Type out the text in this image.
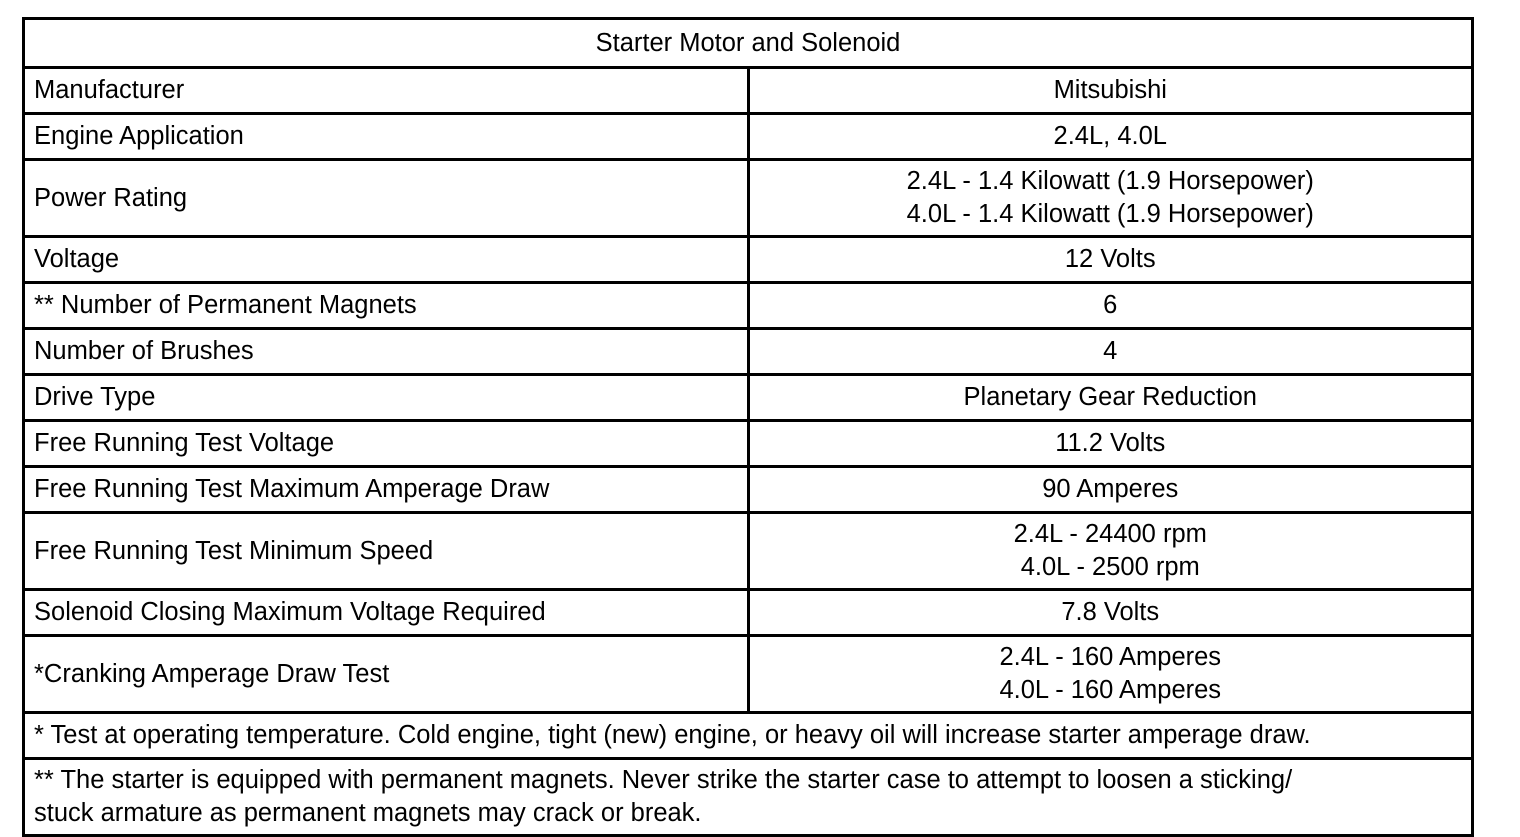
Starter Motor and Solenoid	
Manufacturer	Mitsubishi

Engine Application	2.4L, 4.0L

Power Rating	2.4L - 1.4 Kilowatt (1.9 Horsepower)
4.0L - 1.4 Kilowatt (1.9 Horsepower)

Voltage	12 Volts

** Number of Permanent Magnets	6

Number of Brushes	4

Drive Type	Planetary Gear Reduction

Free Running Test Voltage	11.2 Volts

Free Running Test Maximum Amperage Draw	90 Amperes

Free Running Test Minimum Speed	2.4L - 24400 rpm
4.0L - 2500 rpm

Solenoid Closing Maximum Voltage Required	7.8 Volts

*Cranking Amperage Draw Test	2.4L - 160 Amperes
4.0L - 160 Amperes

* Test at operating temperature. Cold engine, tight (new) engine, or heavy oil will increase starter amperage draw.	

** The starter is equipped with permanent magnets. Never strike the starter case to attempt to loosen a sticking/
stuck armature as permanent magnets may crack or break.	
